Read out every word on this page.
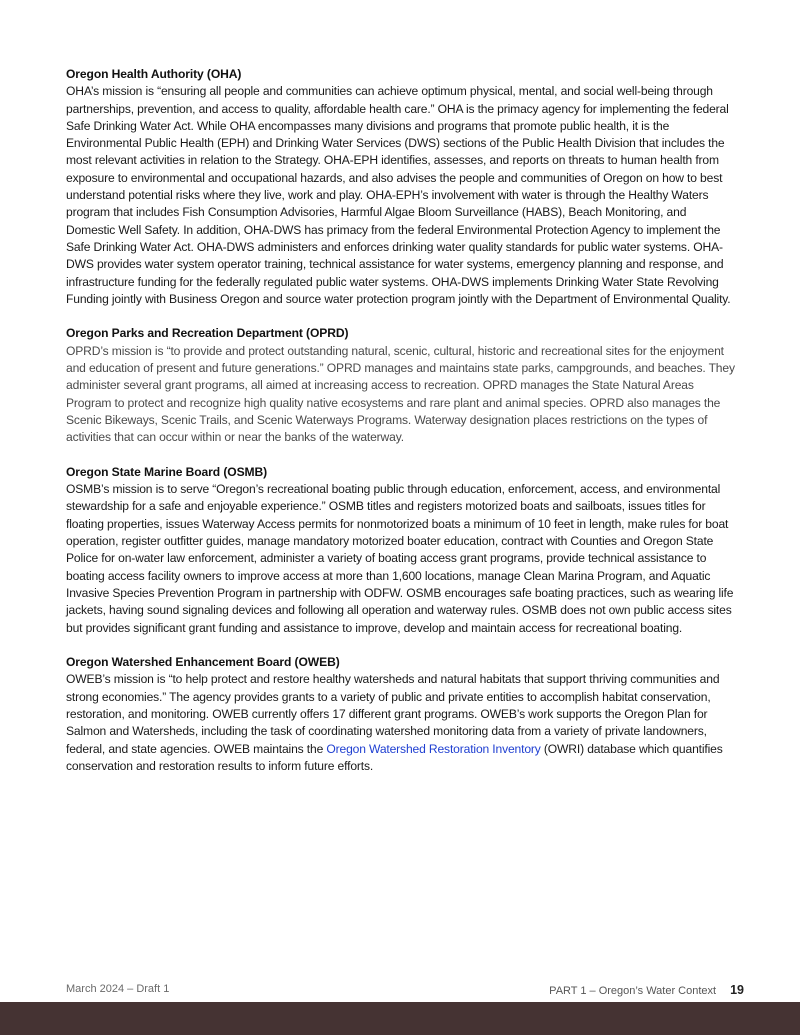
Oregon Health Authority (OHA)

OHA’s mission is “ensuring all people and communities can achieve optimum physical, mental, and social well-being through partnerships, prevention, and access to quality, affordable health care.” OHA is the primacy agency for implementing the federal Safe Drinking Water Act. While OHA encompasses many divisions and programs that promote public health, it is the Environmental Public Health (EPH) and Drinking Water Services (DWS) sections of the Public Health Division that includes the most relevant activities in relation to the Strategy. OHA-EPH identifies, assesses, and reports on threats to human health from exposure to environmental and occupational hazards, and also advises the people and communities of Oregon on how to best understand potential risks where they live, work and play. OHA-EPH’s involvement with water is through the Healthy Waters program that includes Fish Consumption Advisories, Harmful Algae Bloom Surveillance (HABS), Beach Monitoring, and Domestic Well Safety. In addition, OHA-DWS has primacy from the federal Environmental Protection Agency to implement the Safe Drinking Water Act. OHA-DWS administers and enforces drinking water quality standards for public water systems. OHA-DWS provides water system operator training, technical assistance for water systems, emergency planning and response, and infrastructure funding for the federally regulated public water systems. OHA-DWS implements Drinking Water State Revolving Funding jointly with Business Oregon and source water protection program jointly with the Department of Environmental Quality.

Oregon Parks and Recreation Department (OPRD)

OPRD’s mission is “to provide and protect outstanding natural, scenic, cultural, historic and recreational sites for the enjoyment and education of present and future generations.” OPRD manages and maintains state parks, campgrounds, and beaches. They administer several grant programs, all aimed at increasing access to recreation. OPRD manages the State Natural Areas Program to protect and recognize high quality native ecosystems and rare plant and animal species. OPRD also manages the Scenic Bikeways, Scenic Trails, and Scenic Waterways Programs. Waterway designation places restrictions on the types of activities that can occur within or near the banks of the waterway.

Oregon State Marine Board (OSMB)

OSMB’s mission is to serve “Oregon’s recreational boating public through education, enforcement, access, and environmental stewardship for a safe and enjoyable experience.” OSMB titles and registers motorized boats and sailboats, issues titles for floating properties, issues Waterway Access permits for nonmotorized boats a minimum of 10 feet in length, make rules for boat operation, register outfitter guides, manage mandatory motorized boater education, contract with Counties and Oregon State Police for on-water law enforcement, administer a variety of boating access grant programs, provide technical assistance to boating access facility owners to improve access at more than 1,600 locations, manage Clean Marina Program, and Aquatic Invasive Species Prevention Program in partnership with ODFW. OSMB encourages safe boating practices, such as wearing life jackets, having sound signaling devices and following all operation and waterway rules. OSMB does not own public access sites but provides significant grant funding and assistance to improve, develop and maintain access for recreational boating.

Oregon Watershed Enhancement Board (OWEB)

OWEB’s mission is “to help protect and restore healthy watersheds and natural habitats that support thriving communities and strong economies.” The agency provides grants to a variety of public and private entities to accomplish habitat conservation, restoration, and monitoring. OWEB currently offers 17 different grant programs. OWEB’s work supports the Oregon Plan for Salmon and Watersheds, including the task of coordinating watershed monitoring data from a variety of private landowners, federal, and state agencies. OWEB maintains the Oregon Watershed Restoration Inventory (OWRI) database which quantifies conservation and restoration results to inform future efforts.

March 2024 – Draft 1	PART 1 – Oregon’s Water Context 19
